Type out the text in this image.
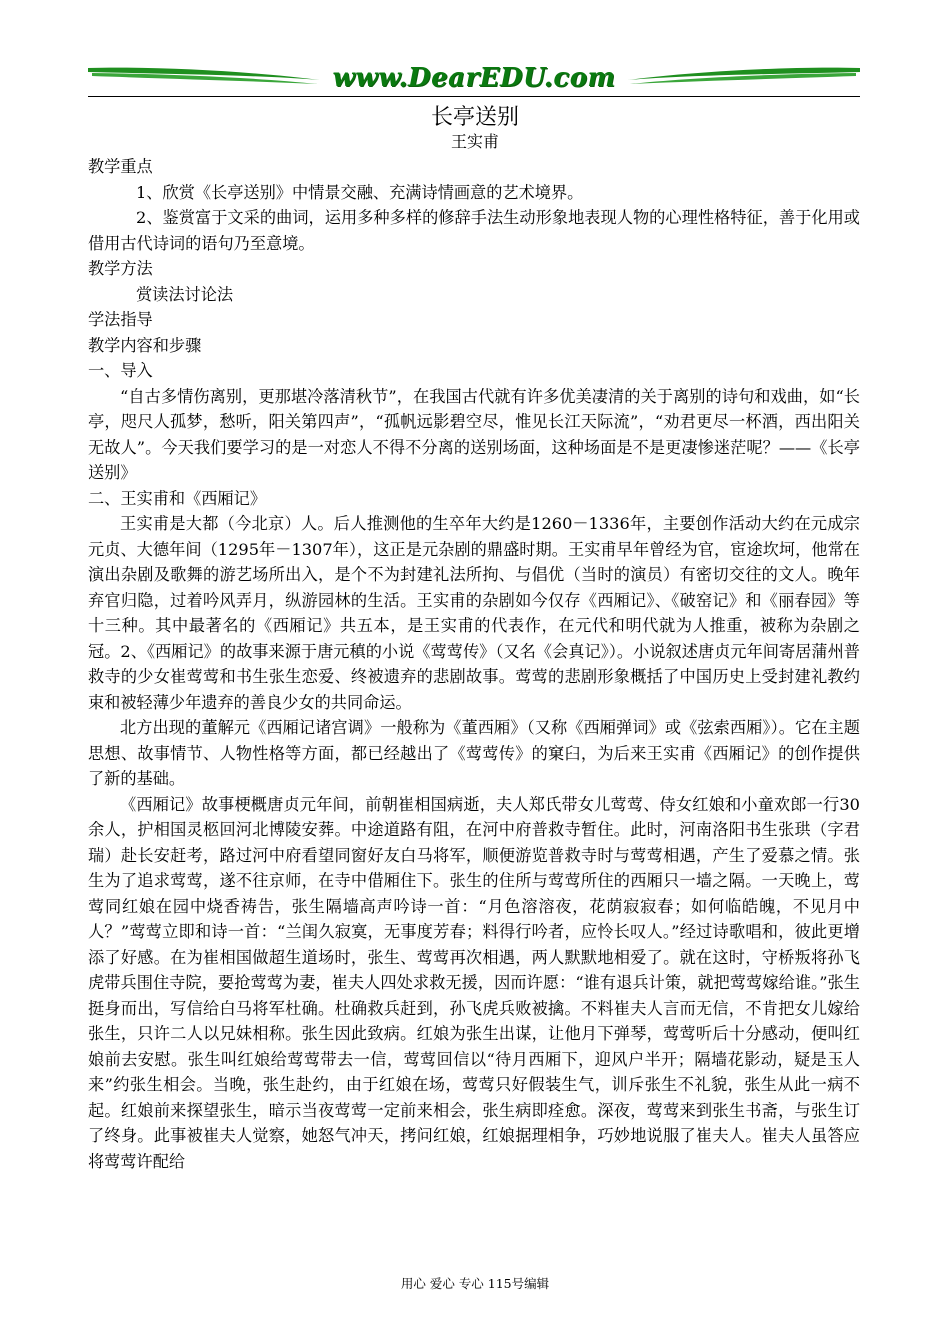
www.DearEDU.com
长亭送别
王实甫

教学重点

1、欣赏《长亭送别》中情景交融、充满诗情画意的艺术境界。

2、鉴赏富于文采的曲词，运用多种多样的修辞手法生动形象地表现人物的心理性格特征，善于化用或借用古代诗词的语句乃至意境。

教学方法

赏读法讨论法

学法指导

教学内容和步骤

一、导入

“自古多情伤离别，更那堪冷落清秋节”，在我国古代就有许多优美凄清的关于离别的诗句和戏曲，如“长亭，咫尺人孤梦，愁听，阳关第四声”，“孤帆远影碧空尽，惟见长江天际流”，“劝君更尽一杯酒，西出阳关无故人”。今天我们要学习的是一对恋人不得不分离的送别场面，这种场面是不是更凄惨迷茫呢？——《长亭送别》

二、王实甫和《西厢记》

王实甫是大都（今北京）人。后人推测他的生卒年大约是1260－1336年，主要创作活动大约在元成宗元贞、大德年间（1295年－1307年），这正是元杂剧的鼎盛时期。王实甫早年曾经为官，宦途坎坷，他常在演出杂剧及歌舞的游艺场所出入，是个不为封建礼法所拘、与倡优（当时的演员）有密切交往的文人。晚年弃官归隐，过着吟风弄月，纵游园林的生活。王实甫的杂剧如今仅存《西厢记》、《破窑记》和《丽春园》等十三种。其中最著名的《西厢记》共五本，是王实甫的代表作，在元代和明代就为人推重，被称为杂剧之冠。2、《西厢记》的故事来源于唐元稹的小说《莺莺传》（又名《会真记》）。小说叙述唐贞元年间寄居蒲州普救寺的少女崔莺莺和书生张生恋爱、终被遗弃的悲剧故事。莺莺的悲剧形象概括了中国历史上受封建礼教约束和被轻薄少年遗弃的善良少女的共同命运。

北方出现的董解元《西厢记诸宫调》一般称为《董西厢》（又称《西厢弹词》或《弦索西厢》）。它在主题思想、故事情节、人物性格等方面，都已经越出了《莺莺传》的窠臼，为后来王实甫《西厢记》的创作提供了新的基础。

《西厢记》故事梗概唐贞元年间，前朝崔相国病逝，夫人郑氏带女儿莺莺、侍女红娘和小童欢郎一行30余人，护相国灵柩回河北博陵安葬。中途道路有阻，在河中府普救寺暂住。此时，河南洛阳书生张珙（字君瑞）赴长安赶考，路过河中府看望同窗好友白马将军，顺便游览普救寺时与莺莺相遇，产生了爱慕之情。张生为了追求莺莺，遂不往京师，在寺中借厢住下。张生的住所与莺莺所住的西厢只一墙之隔。一天晚上，莺莺同红娘在园中烧香祷告，张生隔墙高声吟诗一首：“月色溶溶夜，花荫寂寂春；如何临皓魄，不见月中人？”莺莺立即和诗一首：“兰闺久寂寞，无事度芳春；料得行吟者，应怜长叹人。”经过诗歌唱和，彼此更增添了好感。在为崔相国做超生道场时，张生、莺莺再次相遇，两人默默地相爱了。就在这时，守桥叛将孙飞虎带兵围住寺院，要抢莺莺为妻，崔夫人四处求救无援，因而许愿：“谁有退兵计策，就把莺莺嫁给谁。”张生挺身而出，写信给白马将军杜确。杜确救兵赶到，孙飞虎兵败被擒。不料崔夫人言而无信，不肯把女儿嫁给张生，只许二人以兄妹相称。张生因此致病。红娘为张生出谋，让他月下弹琴，莺莺听后十分感动，便叫红娘前去安慰。张生叫红娘给莺莺带去一信，莺莺回信以“待月西厢下，迎风户半开；隔墙花影动，疑是玉人来”约张生相会。当晚，张生赴约，由于红娘在场，莺莺只好假装生气，训斥张生不礼貌，张生从此一病不起。红娘前来探望张生，暗示当夜莺莺一定前来相会，张生病即痊愈。深夜，莺莺来到张生书斋，与张生订了终身。此事被崔夫人觉察，她怒气冲天，拷问红娘，红娘据理相争，巧妙地说服了崔夫人。崔夫人虽答应将莺莺许配给

用心 爱心 专心 115号编辑
